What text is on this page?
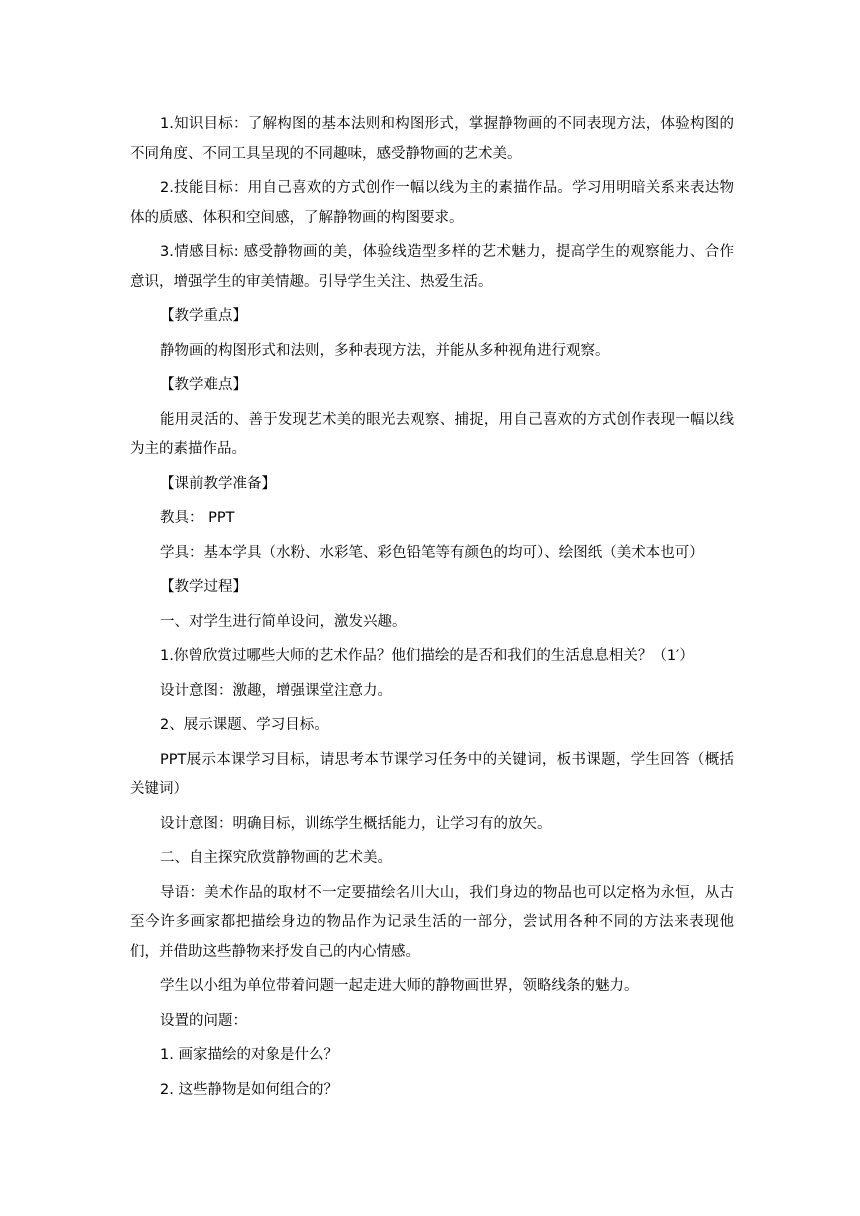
1.知识目标：了解构图的基本法则和构图形式，掌握静物画的不同表现方法，体验构图的不同角度、不同工具呈现的不同趣味，感受静物画的艺术美。

2.技能目标：用自己喜欢的方式创作一幅以线为主的素描作品。学习用明暗关系来表达物体的质感、体积和空间感，了解静物画的构图要求。

3.情感目标: 感受静物画的美，体验线造型多样的艺术魅力，提高学生的观察能力、合作意识，增强学生的审美情趣。引导学生关注、热爱生活。

【教学重点】

静物画的构图形式和法则，多种表现方法，并能从多种视角进行观察。

【教学难点】

能用灵活的、善于发现艺术美的眼光去观察、捕捉，用自己喜欢的方式创作表现一幅以线为主的素描作品。

【课前教学准备】

教具： PPT

学具：基本学具（水粉、水彩笔、彩色铅笔等有颜色的均可）、绘图纸（美术本也可）

【教学过程】

一、对学生进行简单设问，激发兴趣。

1.你曾欣赏过哪些大师的艺术作品？他们描绘的是否和我们的生活息息相关？（1′）

设计意图：激趣，增强课堂注意力。

2、展示课题、学习目标。

PPT展示本课学习目标，请思考本节课学习任务中的关键词，板书课题，学生回答（概括关键词）

设计意图：明确目标，训练学生概括能力，让学习有的放矢。

二、自主探究欣赏静物画的艺术美。

导语：美术作品的取材不一定要描绘名川大山，我们身边的物品也可以定格为永恒，从古至今许多画家都把描绘身边的物品作为记录生活的一部分，尝试用各种不同的方法来表现他们，并借助这些静物来抒发自己的内心情感。

学生以小组为单位带着问题一起走进大师的静物画世界，领略线条的魅力。

设置的问题：

1. 画家描绘的对象是什么？

2. 这些静物是如何组合的？
